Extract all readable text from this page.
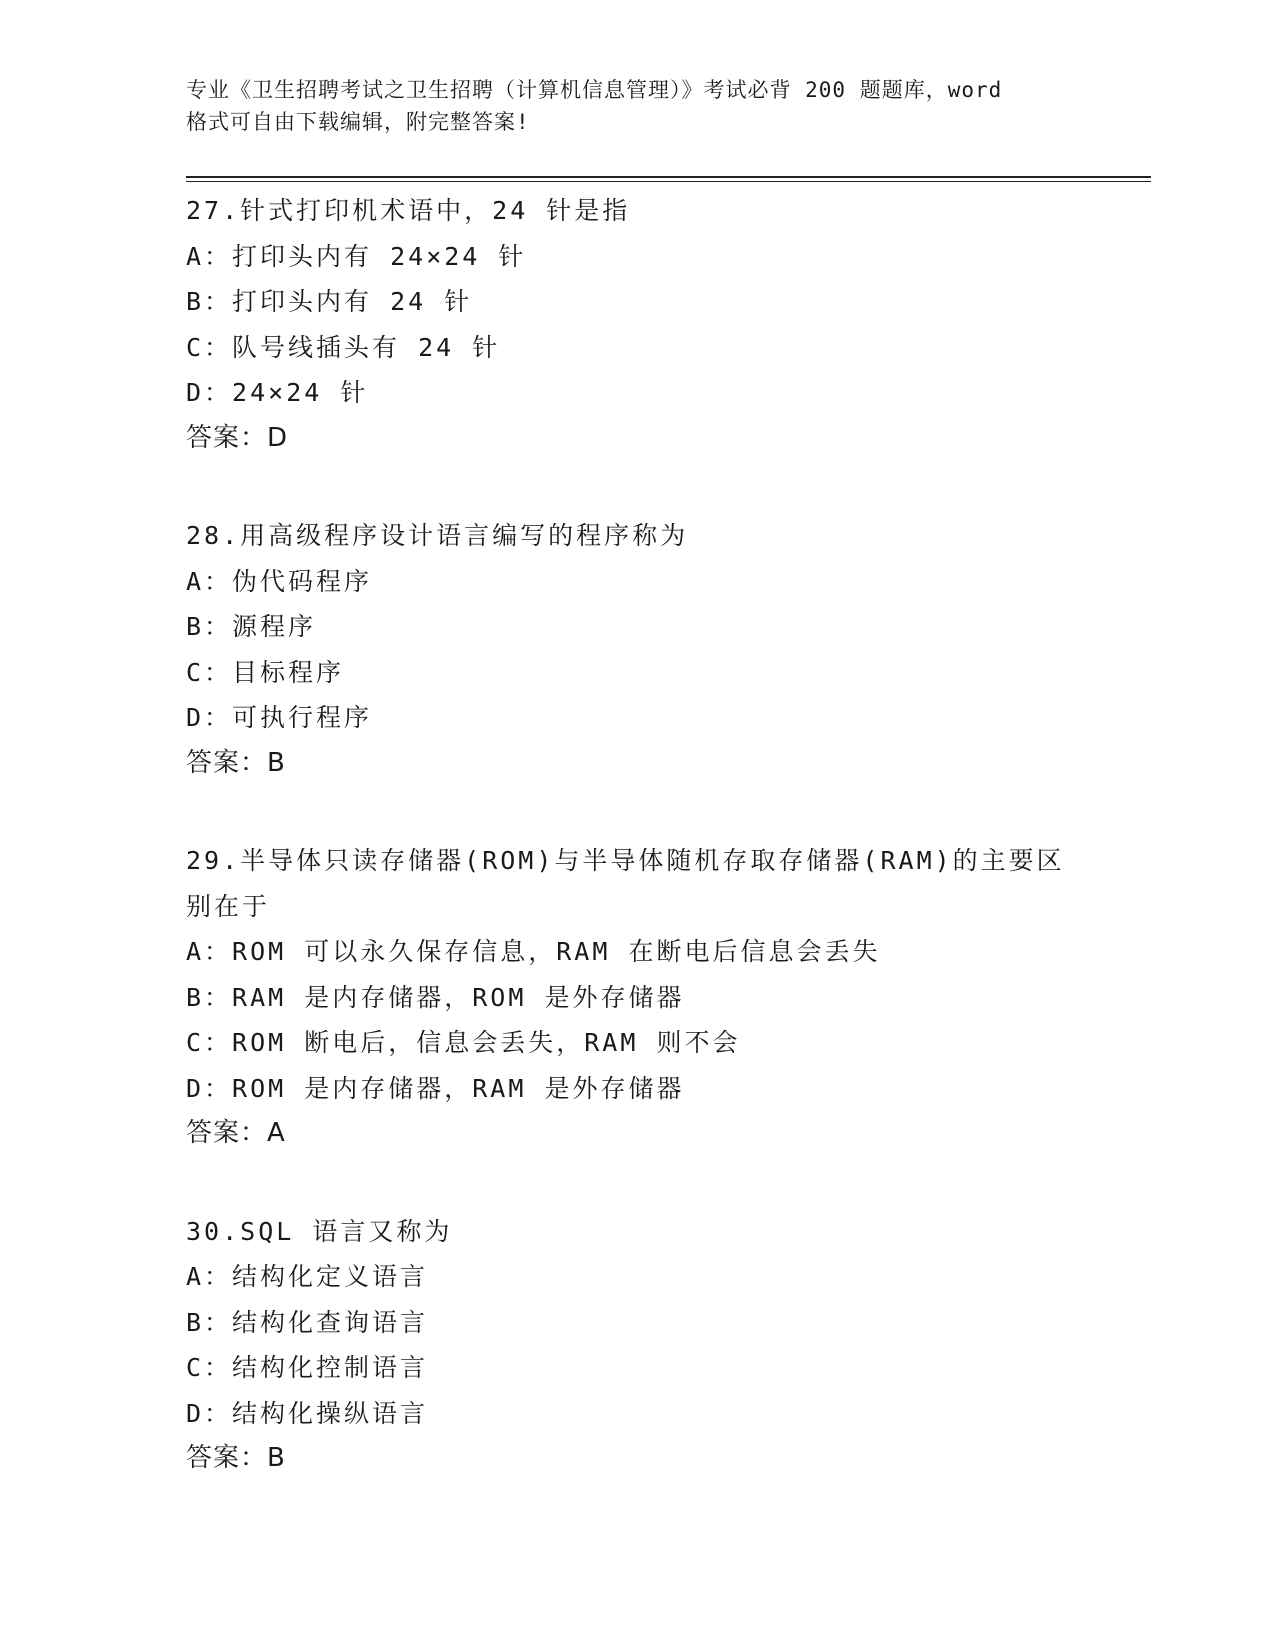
专业《卫生招聘考试之卫生招聘（计算机信息管理）》考试必背 200 题题库，word
格式可自由下载编辑，附完整答案!
27.针式打印机术语中，24 针是指
A：打印头内有 24×24 针
B：打印头内有 24 针
C：队号线插头有 24 针
D：24×24 针
答案：D
28.用高级程序设计语言编写的程序称为
A：伪代码程序
B：源程序
C：目标程序
D：可执行程序
答案：B
29.半导体只读存储器(ROM)与半导体随机存取存储器(RAM)的主要区别在于
A：ROM 可以永久保存信息，RAM 在断电后信息会丢失
B：RAM 是内存储器，ROM 是外存储器
C：ROM 断电后，信息会丢失，RAM 则不会
D：ROM 是内存储器，RAM 是外存储器
答案：A
30.SQL 语言又称为
A：结构化定义语言
B：结构化查询语言
C：结构化控制语言
D：结构化操纵语言
答案：B
